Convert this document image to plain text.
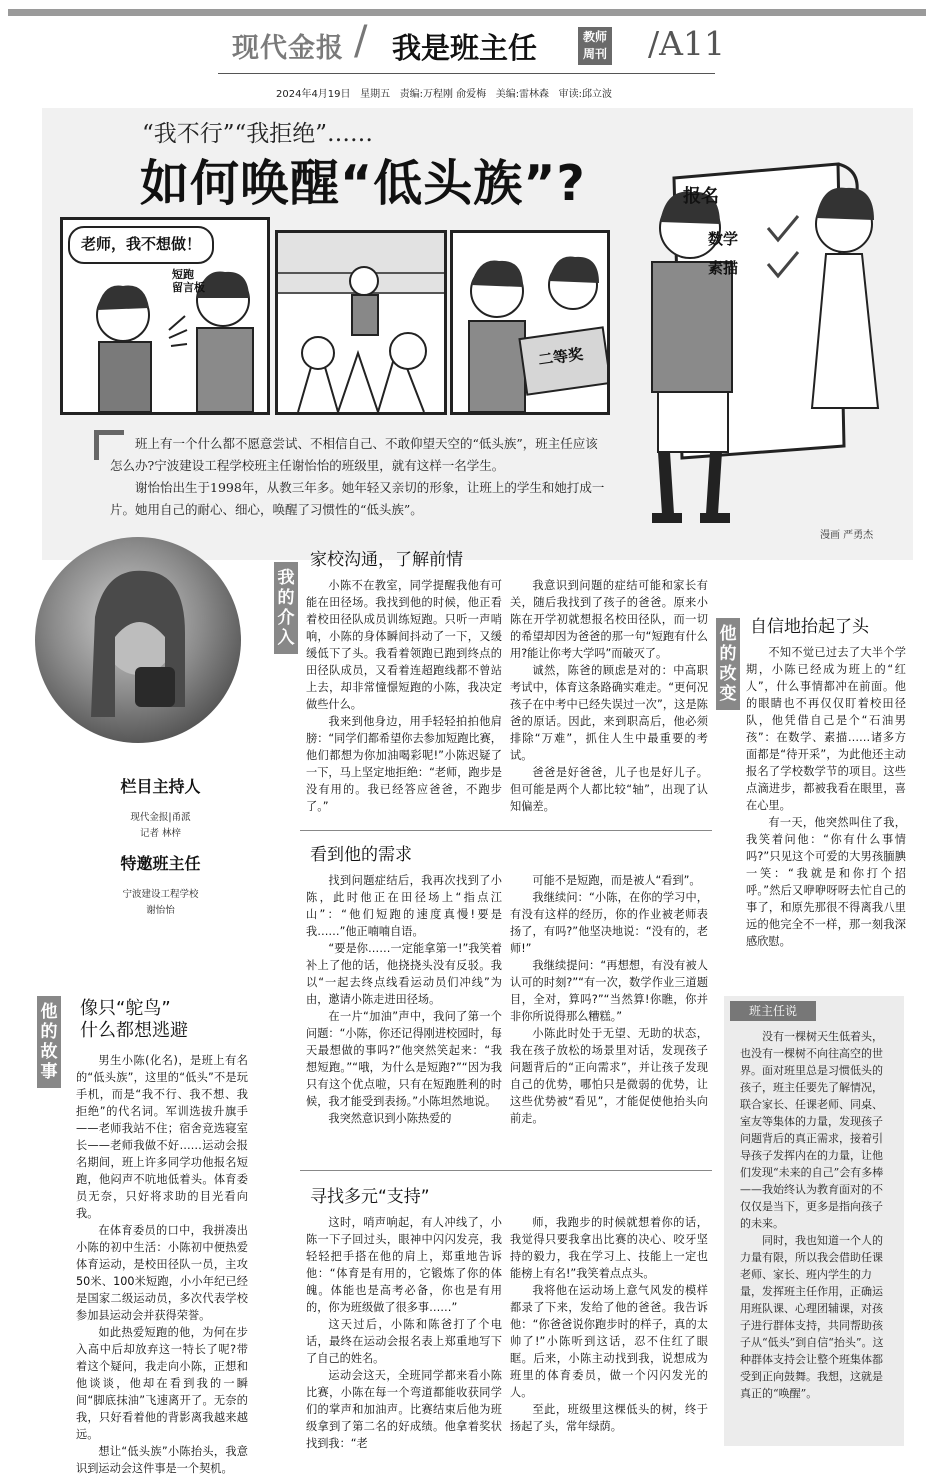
现代金报 / 我是班主任	教师
周刊 /A11
2024年4月19日   星期五   责编:万程刚 俞爱梅   美编:雷林森   审读:邱立波
“我不行”“我拒绝”……
如何唤醒“低头族”?
老师，我不想做！
短跑
留言板
二等奖
报名
数学
素描

班上有一个什么都不愿意尝试、不相信自己、不敢仰望天空的“低头族”，班主任应该怎么办?宁波建设工程学校班主任谢怡怡的班级里，就有这样一名学生。

谢怡怡出生于1998年，从教三年多。她年轻又亲切的形象，让班上的学生和她打成一片。她用自己的耐心、细心，唤醒了习惯性的“低头族”。

漫画 严勇杰
栏目主持人
现代金报|甬派
记者 林梓
特邀班主任
宁波建设工程学校
谢怡怡
我的介入	他的改变
他的故事
家校沟通，了解前情

小陈不在教室，同学提醒我他有可能在田径场。我找到他的时候，他正看着校田径队成员训练短跑。只听一声哨响，小陈的身体瞬间抖动了一下，又缓缓低下了头。我看着领跑已跑到终点的田径队成员，又看着连超跑线都不曾站上去，却非常憧憬短跑的小陈，我决定做些什么。

我来到他身边，用手轻轻拍拍他肩膀：“同学们都希望你去参加短跑比赛，他们都想为你加油喝彩呢!”小陈迟疑了一下，马上坚定地拒绝：“老师，跑步是没有用的。我已经答应爸爸，不跑步了。”

我意识到问题的症结可能和家长有关，随后我找到了孩子的爸爸。原来小陈在开学初就想报名校田径队，而一切的希望却因为爸爸的那一句“短跑有什么用?能让你考大学吗”而破灭了。

诚然，陈爸的顾虑是对的：中高职考试中，体育这条路确实难走。“更何况孩子在中考中已经失误过一次”，这是陈爸的原话。因此，来到职高后，他必须排除“万难”，抓住人生中最重要的考试。

爸爸是好爸爸，儿子也是好儿子。但可能是两个人都比较“轴”，出现了认知偏差。

看到他的需求

找到问题症结后，我再次找到了小陈，此时他正在田径场上“指点江山”：“他们短跑的速度真慢!要是我……”他正喃喃自语。

“要是你……一定能拿第一!”我笑着补上了他的话，他挠挠头没有反驳。我以“一起去终点线看运动员们冲线”为由，邀请小陈走进田径场。

在一片“加油”声中，我问了第一个问题：“小陈，你还记得刚进校园时，每天最想做的事吗?”他突然笑起来：“我想短跑。”“哦，为什么是短跑?”“因为我只有这个优点啦，只有在短跑胜利的时候，我才能受到表扬。”小陈坦然地说。

我突然意识到小陈热爱的

可能不是短跑，而是被人“看到”。

我继续问：“小陈，在你的学习中，有没有这样的经历，你的作业被老师表扬了，有吗?”他坚决地说：“没有的，老师!”

我继续提问：“再想想，有没有被人认可的时刻?”“有一次，数学作业三道题目，全对，算吗?”“当然算!你瞧，你并非你所说得那么糟糕。”

小陈此时处于无望、无助的状态，我在孩子放松的场景里对话，发现孩子问题背后的“正向需求”，并让孩子发现自己的优势，哪怕只是微弱的优势，让这些优势被“看见”，才能促使他抬头向前走。

寻找多元“支持”

这时，哨声响起，有人冲线了，小陈一下子回过头，眼神中闪闪发亮，我轻轻把手搭在他的肩上，郑重地告诉他：“体育是有用的，它锻炼了你的体魄。体能也是高考必备，你也是有用的，你为班级做了很多事……”

这天过后，小陈和陈爸打了个电话，最终在运动会报名表上郑重地写下了自己的姓名。

运动会这天，全班同学都来看小陈比赛，小陈在每一个弯道都能收获同学们的掌声和加油声。比赛结束后他为班级拿到了第二名的好成绩。他拿着奖状找到我：“老

师，我跑步的时候就想着你的话，我觉得只要我拿出比赛的决心、咬牙坚持的毅力，我在学习上、技能上一定也能榜上有名!”我笑着点点头。

我将他在运动场上意气风发的模样都录了下来，发给了他的爸爸。我告诉他：“你爸爸说你跑步时的样子，真的太帅了!”小陈听到这话，忍不住红了眼眶。后来，小陈主动找到我，说想成为班里的体育委员，做一个闪闪发光的人。

至此，班级里这棵低头的树，终于扬起了头，常年绿荫。

像只“鸵鸟”
什么都想逃避

男生小陈(化名)，是班上有名的“低头族”，这里的“低头”不是玩手机，而是“我不行、我不想、我拒绝”的代名词。军训选拔升旗手——老师我站不住；宿舍竞选寝室长——老师我做不好……运动会报名期间，班上许多同学功他报名短跑，他闷声不吭地低着头。体育委员无奈，只好将求助的目光看向我。

在体育委员的口中，我拼凑出小陈的初中生活：小陈初中便热爱体育运动，是校田径队一员，主攻50米、100米短跑，小小年纪已经是国家二级运动员，多次代表学校参加县运动会并获得荣誉。

如此热爱短跑的他，为何在步入高中后却放弃这一特长了呢?带着这个疑问，我走向小陈，正想和他谈谈，他却在看到我的一瞬间“脚底抹油”飞速离开了。无奈的我，只好看着他的背影离我越来越远。

想让“低头族”小陈抬头，我意识到运动会这件事是一个契机。

自信地抬起了头

不知不觉已过去了大半个学期，小陈已经成为班上的“红人”，什么事情都冲在前面。他的眼睛也不再仅仅盯着校田径队，他凭借自己是个“石油男孩”：在数学、素描……诸多方面都是“待开采”，为此他还主动报名了学校数学节的项目。这些点滴进步，都被我看在眼里，喜在心里。

有一天，他突然叫住了我，我笑着问他：“你有什么事情吗?”只见这个可爱的大男孩腼腆一笑：“我就是和你打个招呼。”然后又咿咿呀呀去忙自己的事了，和原先那很不得离我八里远的他完全不一样，那一刻我深感欣慰。

班主任说

没有一棵树天生低着头，也没有一棵树不向往高空的世界。面对班里总是习惯低头的孩子，班主任要先了解情况，联合家长、任课老师、同桌、室友等集体的力量，发现孩子问题背后的真正需求，接着引导孩子发挥内在的力量，让他们发现“未来的自己”会有多棒——我始终认为教育面对的不仅仅是当下，更多是指向孩子的未来。

同时，我也知道一个人的力量有限，所以我会借助任课老师、家长、班内学生的力量，发挥班主任作用，正确运用班队课、心理团辅课，对孩子进行群体支持，共同帮助孩子从“低头”到自信“抬头”。这种群体支持会让整个班集体都受到正向鼓舞。我想，这就是真正的“唤醒”。
